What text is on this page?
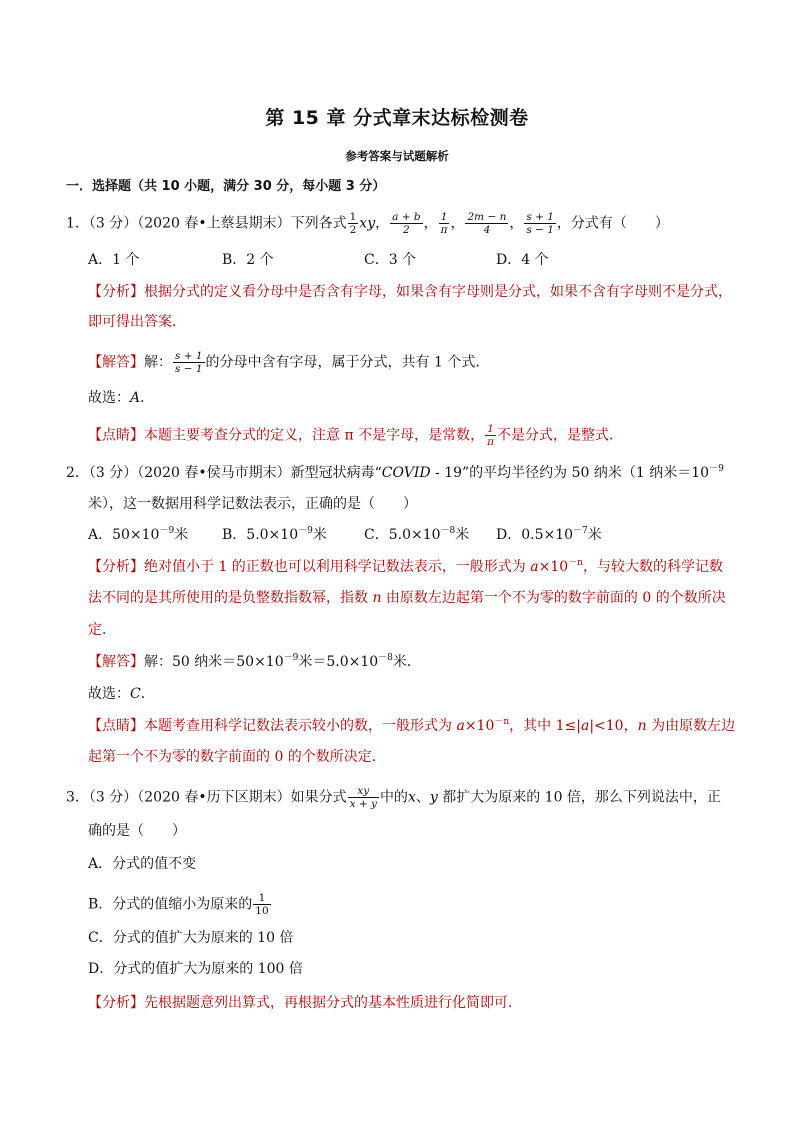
第 15 章 分式章末达标检测卷
参考答案与试题解析
一．选择题（共 10 小题，满分 30 分，每小题 3 分）
1．（3 分）（2020 春•上蔡县期末）下列各式 $\frac{1}{2}$ xy， $\frac{a + b}{2}$ ， $\frac{1}{\pi}$ ， $\frac{2m - n}{4}$ ， $\frac{s + 1}{s - 1}$ ，分式有（　　）
A．1 个	B．2 个	C．3 个	D．4 个
【分析】根据分式的定义看分母中是否含有字母，如果含有字母则是分式，如果不含有字母则不是分式，
即可得出答案．
【解答】解： $\frac{s + 1}{s - 1}$ 的分母中含有字母，属于分式，共有 1 个式．
故选：A．
【点睛】本题主要考查分式的定义，注意 π 不是字母，是常数， $\frac{1}{\pi}$ 不是分式，是整式．
2．（3 分）（2020 春•侯马市期末）新型冠状病毒“COVID - 19”的平均半径约为 50 纳米（1 纳米$=10^{-9}$
米），这一数据用科学记数法表示，正确的是（　　）
A．$50\times 10^{-9}$米 B．$5.0\times 10^{-9}$米	C．$5.0\times 10^{-8}$米 D．$0.5\times 10^{-7}$米
【分析】绝对值小于 1 的正数也可以利用科学记数法表示，一般形式为 $a\times 10^{-n}$，与较大数的科学记数
法不同的是其所使用的是负整数指数幂，指数 n 由原数左边起第一个不为零的数字前面的 0 的个数所决
定．
【解答】解：50 纳米$=50\times 10^{-9}$米$=5.0\times 10^{-8}$米．
故选：C．
【点睛】本题考查用科学记数法表示较小的数，一般形式为 $a\times 10^{-n}$，其中 1≤|a|<10，n 为由原数左边
起第一个不为零的数字前面的 0 的个数所决定．
3．（3 分）（2020 春•历下区期末）如果分式 $\frac{xy}{x + y}$ 中的x、y 都扩大为原来的 10 倍，那么下列说法中，正
确的是（　　）
A．分式的值不变
B．分式的值缩小为原来的 $\frac{1}{10}$
C．分式的值扩大为原来的 10 倍
D．分式的值扩大为原来的 100 倍
【分析】先根据题意列出算式，再根据分式的基本性质进行化简即可．
